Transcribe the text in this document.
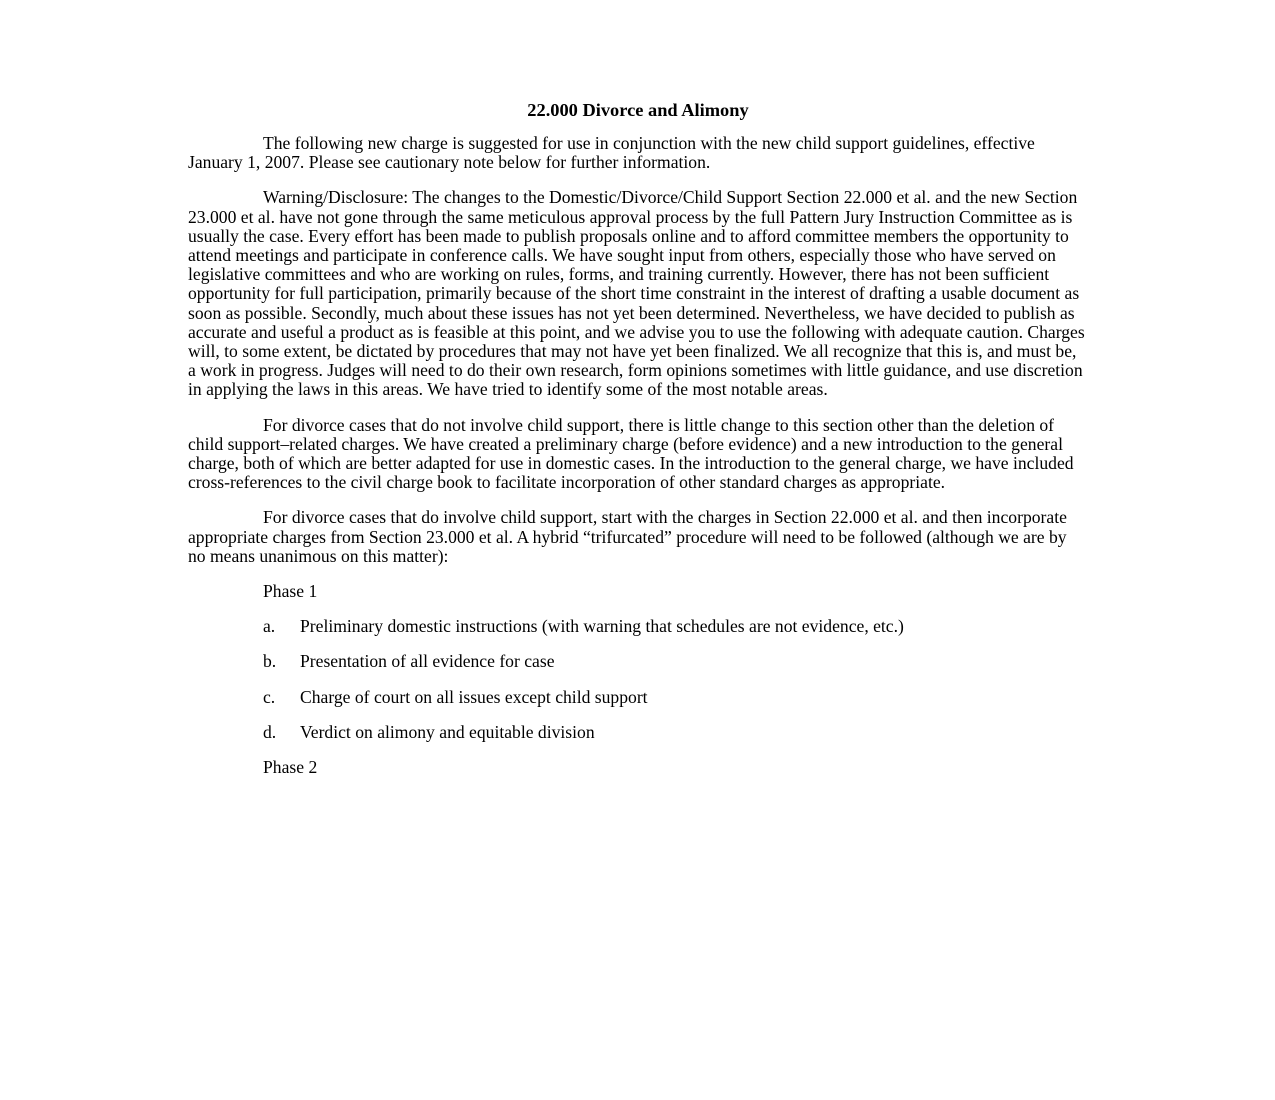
22.000 Divorce and Alimony

The following new charge is suggested for use in conjunction with the new child support guidelines, effective January 1, 2007. Please see cautionary note below for further information.

Warning/Disclosure: The changes to the Domestic/Divorce/Child Support Section 22.000 et al. and the new Section 23.000 et al. have not gone through the same meticulous approval process by the full Pattern Jury Instruction Committee as is usually the case. Every effort has been made to publish proposals online and to afford committee members the opportunity to attend meetings and participate in conference calls. We have sought input from others, especially those who have served on legislative committees and who are working on rules, forms, and training currently. However, there has not been sufficient opportunity for full participation, primarily because of the short time constraint in the interest of drafting a usable document as soon as possible. Secondly, much about these issues has not yet been determined. Nevertheless, we have decided to publish as accurate and useful a product as is feasible at this point, and we advise you to use the following with adequate caution. Charges will, to some extent, be dictated by procedures that may not have yet been finalized. We all recognize that this is, and must be, a work in progress. Judges will need to do their own research, form opinions sometimes with little guidance, and use discretion in applying the laws in this areas. We have tried to identify some of the most notable areas.

For divorce cases that do not involve child support, there is little change to this section other than the deletion of child support–related charges. We have created a preliminary charge (before evidence) and a new introduction to the general charge, both of which are better adapted for use in domestic cases. In the introduction to the general charge, we have included cross-references to the civil charge book to facilitate incorporation of other standard charges as appropriate.

For divorce cases that do involve child support, start with the charges in Section 22.000 et al. and then incorporate appropriate charges from Section 23.000 et al. A hybrid “trifurcated” procedure will need to be followed (although we are by no means unanimous on this matter):

Phase 1
a. Preliminary domestic instructions (with warning that schedules are not evidence, etc.)
b. Presentation of all evidence for case
c. Charge of court on all issues except child support
d. Verdict on alimony and equitable division
Phase 2
